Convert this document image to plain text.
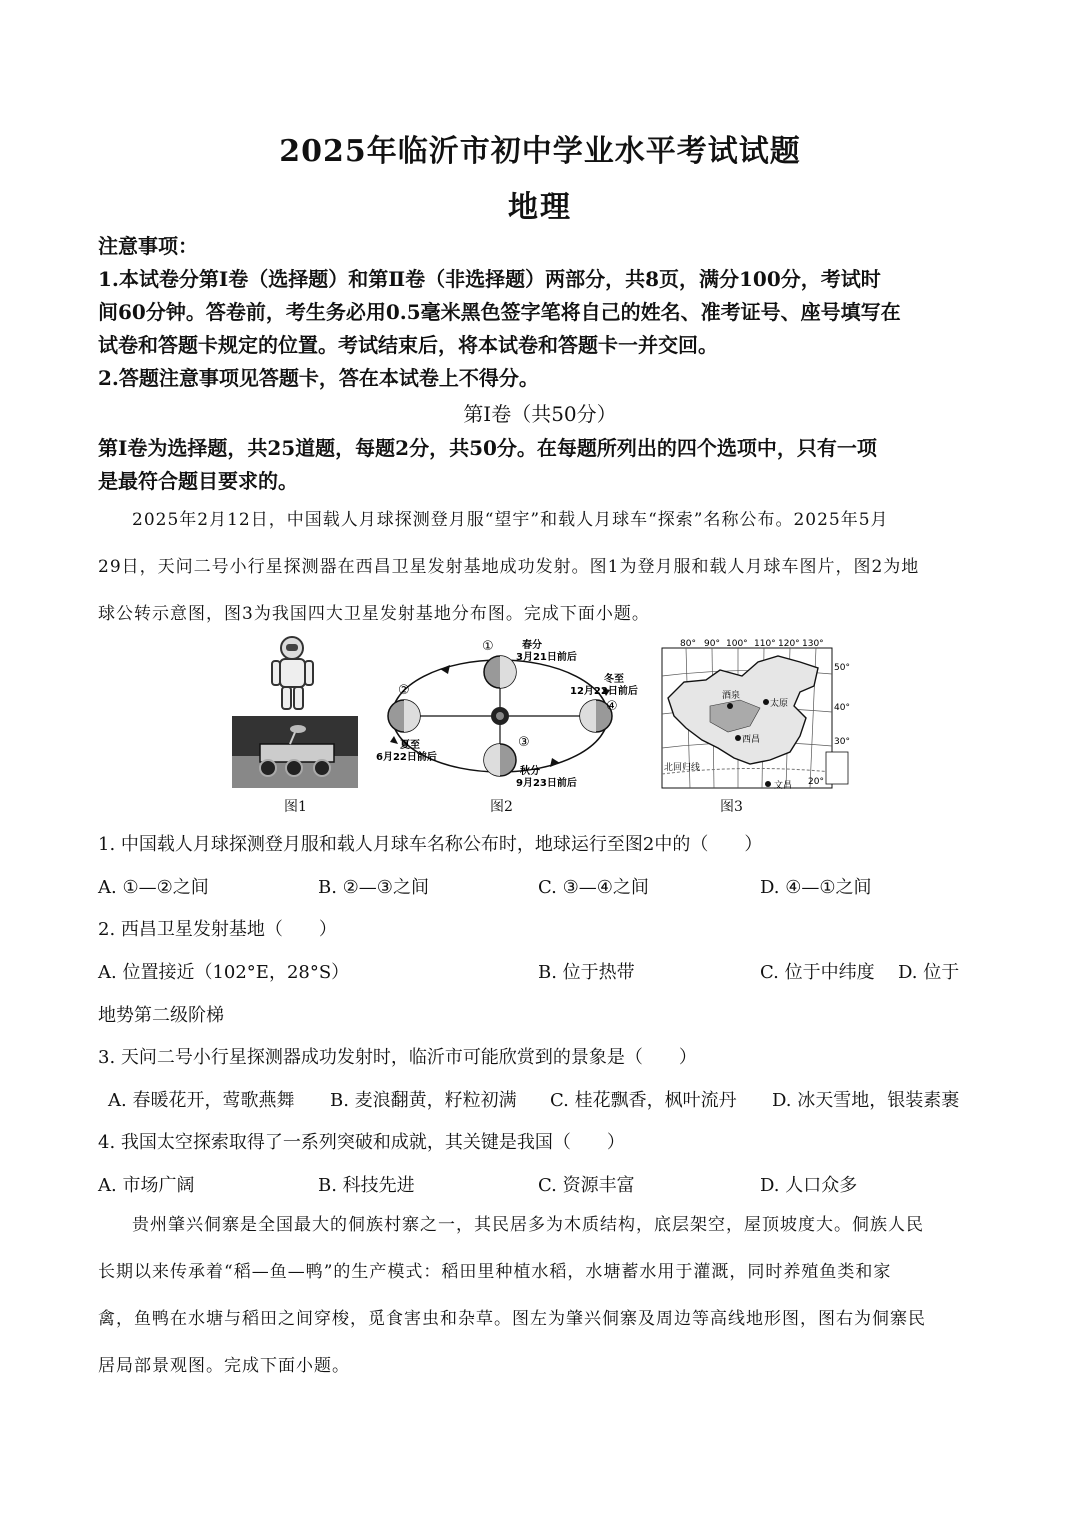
2025年临沂市初中学业水平考试试题
地理

注意事项：

1.本试卷分第Ⅰ卷（选择题）和第Ⅱ卷（非选择题）两部分，共8页，满分100分，考试时

间60分钟。答卷前，考生务必用0.5毫米黑色签字笔将自己的姓名、准考证号、座号填写在

试卷和答题卡规定的位置。考试结束后，将本试卷和答题卡一并交回。

2.答题注意事项见答题卡，答在本试卷上不得分。

第Ⅰ卷（共50分）

第Ⅰ卷为选择题，共25道题，每题2分，共50分。在每题所列出的四个选项中，只有一项

是最符合题目要求的。

2025年2月12日，中国载人月球探测登月服“望宇”和载人月球车“探索”名称公布。2025年5月

29日，天问二号小行星探测器在西昌卫星发射基地成功发射。图1为登月服和载人月球车图片，图2为地

球公转示意图，图3为我国四大卫星发射基地分布图。完成下面小题。

图1
①	春分
3月21日前后
②
冬至
12月22日前后
④
夏至
6月22日前后
③
秋分
9月23日前后
图2
80° 90° 100° 110° 120° 130°
50°
40°
30°
20°
北回归线
酒泉
太原
西昌
文昌
图3

1. 中国载人月球探测登月服和载人月球车名称公布时，地球运行至图2中的（　　）

A. ①—②之间	B. ②—③之间	C. ③—④之间	D. ④—①之间

2. 西昌卫星发射基地（　　）

A. 位置接近（102°E，28°S）	B. 位于热带	C. 位于中纬度 D. 位于

地势第二级阶梯

3. 天问二号小行星探测器成功发射时，临沂市可能欣赏到的景象是（　　）

A. 春暖花开，莺歌燕舞 B. 麦浪翻黄，籽粒初满 C. 桂花飘香，枫叶流丹 D. 冰天雪地，银装素裹

4. 我国太空探索取得了一系列突破和成就，其关键是我国（　　）

A. 市场广阔	B. 科技先进	C. 资源丰富	D. 人口众多

贵州肇兴侗寨是全国最大的侗族村寨之一，其民居多为木质结构，底层架空，屋顶坡度大。侗族人民

长期以来传承着“稻—鱼—鸭”的生产模式：稻田里种植水稻，水塘蓄水用于灌溉，同时养殖鱼类和家

禽，鱼鸭在水塘与稻田之间穿梭，觅食害虫和杂草。图左为肇兴侗寨及周边等高线地形图，图右为侗寨民

居局部景观图。完成下面小题。
